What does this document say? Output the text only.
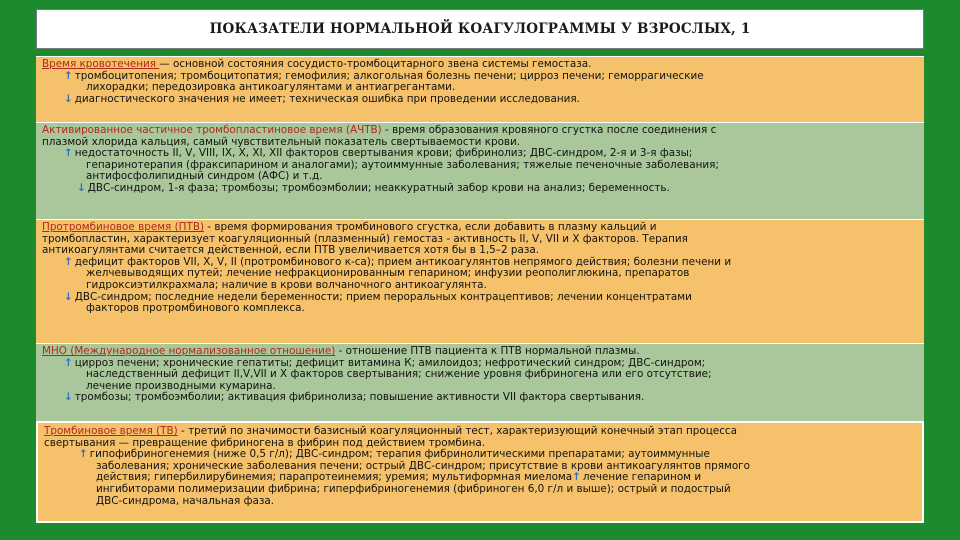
ПОКАЗАТЕЛИ НОРМАЛЬНОЙ КОАГУЛОГРАММЫ У ВЗРОСЛЫХ, 1
Время кровотечения — основной состояния сосудисто-тромбоцитарного звена системы гемостаза.
↑ тромбоцитопения; тромбоцитопатия; гемофилия; алкогольная болезнь печени; цирроз печени; геморрагические
лихорадки; передозировка антикоагулянтами и антиагрегантами.
↓ диагностического значения не имеет; техническая ошибка при проведении исследования.
Активированное частичное тромбопластиновое время (АЧТВ) - время образования кровяного сгустка после соединения с
плазмой хлорида кальция, самый чувствительный показатель свертываемости крови.
↑ недостаточность II, V, VIII, IX, X, XI, XII факторов свертывания крови; фибринолиз; ДВС-синдром, 2-я и 3-я фазы;
гепаринотерапия (фраксипарином и аналогами); аутоиммунные заболевания; тяжелые печеночные заболевания;
антифосфолипидный синдром (АФС) и т.д.
↓ ДВС-синдром, 1-я фаза; тромбозы; тромбоэмболии; неаккуратный забор крови на анализ; беременность.
Протромбиновое время (ПТВ) - время формирования тромбинового сгустка, если добавить в плазму кальций и
тромбопластин, характеризует коагуляционный (плазменный) гемостаз - активность II, V, VII и X факторов. Терапия
антикоагулянтами считается действенной, если ПТВ увеличивается хотя бы в 1,5–2 раза.
↑ дефицит факторов VII, X, V, II (протромбинового к-са); прием антикоагулянтов непрямого действия; болезни печени и
желчевыводящих путей; лечение нефракционированным гепарином; инфузии реополиглюкина, препаратов
гидроксиэтилкрахмала; наличие в крови волчаночного антикоагулянта.
↓ ДВС-синдром; последние недели беременности; прием пероральных контрацептивов; лечении концентратами
факторов протромбинового комплекса.
МНО (Международное нормализованное отношение) - отношение ПТВ пациента к ПТВ нормальной плазмы.
↑ цирроз печени; хронические гепатиты; дефицит витамина К; амилоидоз; нефротический синдром; ДВС-синдром;
наследственный дефицит II,V,VII и X факторов свертывания; снижение уровня фибриногена или его отсутствие;
лечение производными кумарина.
↓ тромбозы; тромбоэмболии; активация фибринолиза; повышение активности VII фактора свертывания.
Тромбиновое время (ТВ) - третий по значимости базисный коагуляционный тест, характеризующий конечный этап процесса
свертывания — превращение фибриногена в фибрин под действием тромбина.
↑ гипофибриногенемия (ниже 0,5 г/л); ДВС-синдром; терапия фибринолитическими препаратами; аутоиммунные
заболевания; хронические заболевания печени; острый ДВС-синдром; присутствие в крови антикоагулянтов прямого
действия; гипербилирубинемия; парапротеинемия; уремия; мультиформная миелома↑ лечение гепарином и
ингибиторами полимеризации фибрина; гиперфибриногенемия (фибриноген 6,0 г/л и выше); острый и подострый
ДВС-синдрома, начальная фаза.
